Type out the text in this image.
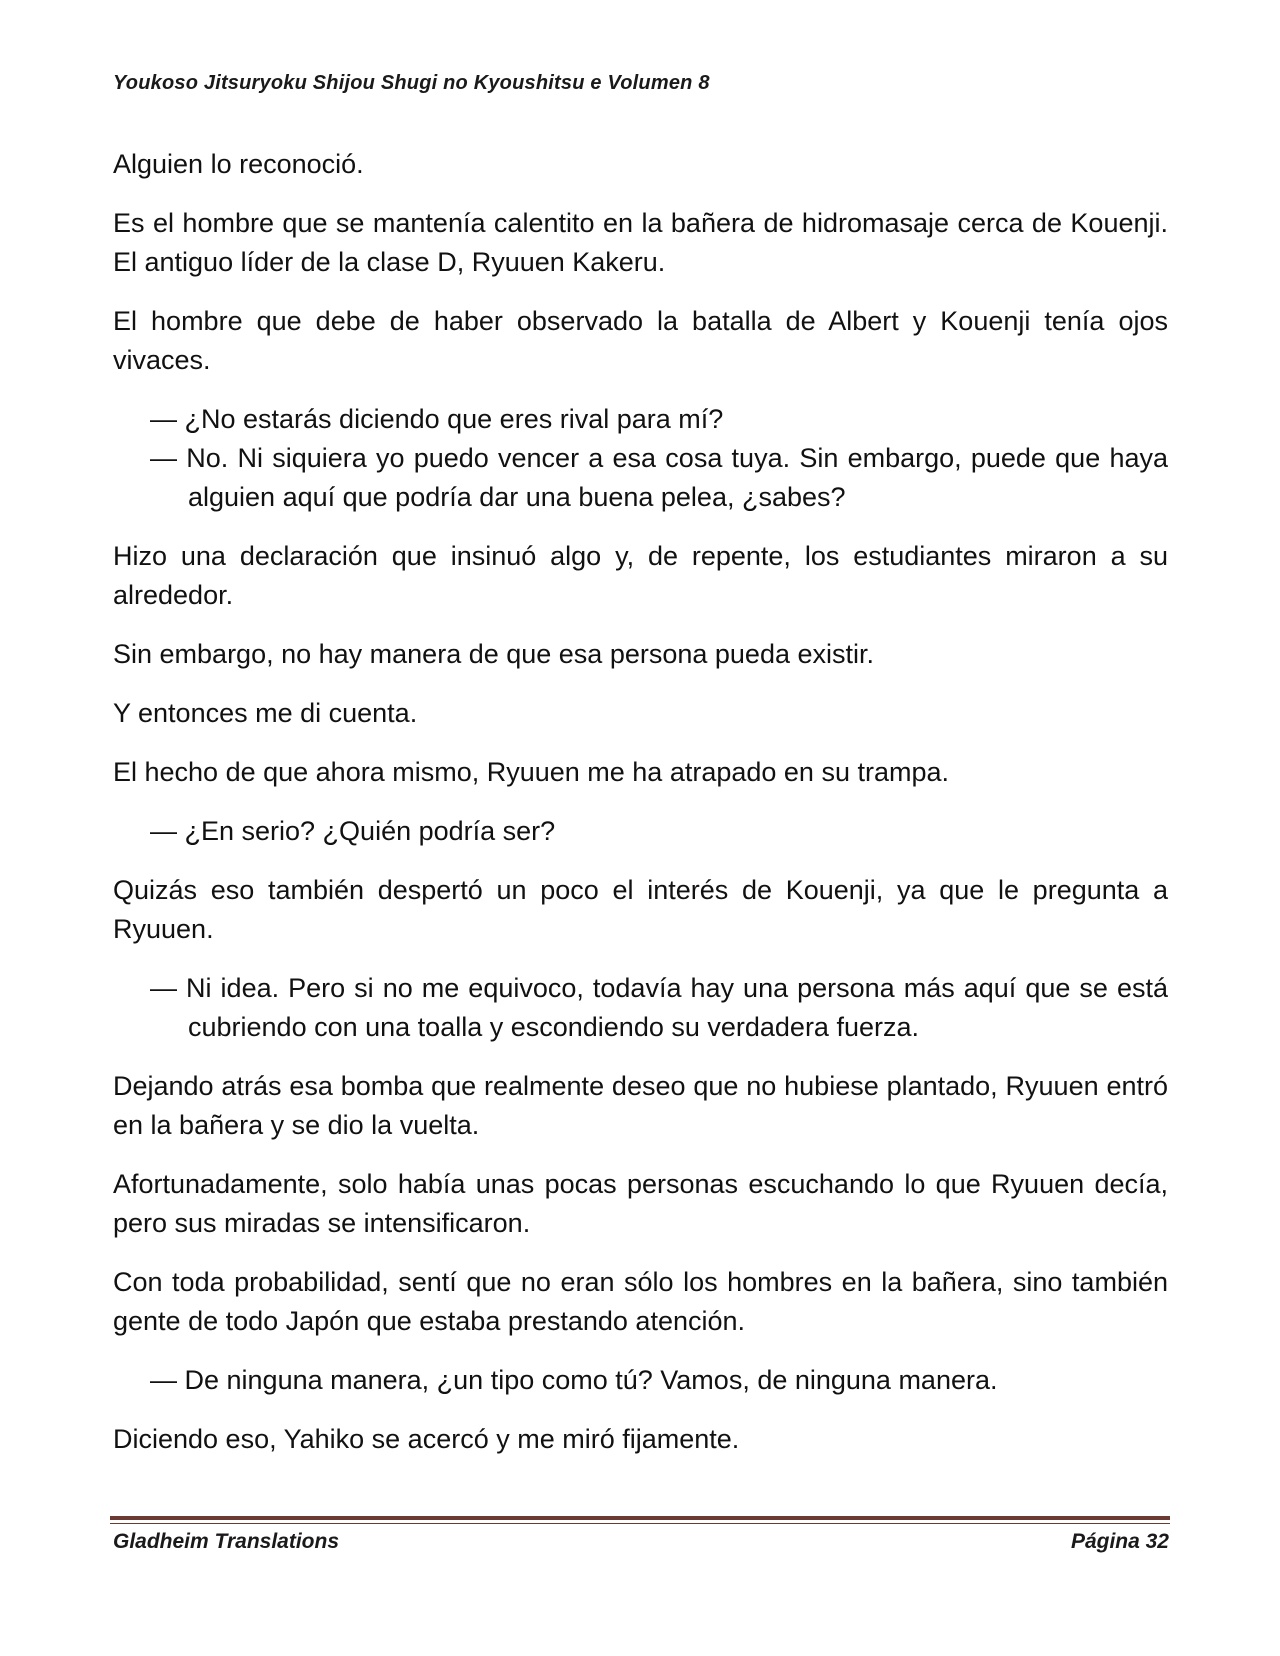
Youkoso Jitsuryoku Shijou Shugi no Kyoushitsu e Volumen 8

Alguien lo reconoció.

Es el hombre que se mantenía calentito en la bañera de hidromasaje cerca de Kouenji. El antiguo líder de la clase D, Ryuuen Kakeru.

El hombre que debe de haber observado la batalla de Albert y Kouenji tenía ojos vivaces.

— ¿No estarás diciendo que eres rival para mí?

— No. Ni siquiera yo puedo vencer a esa cosa tuya. Sin embargo, puede que haya alguien aquí que podría dar una buena pelea, ¿sabes?

Hizo una declaración que insinuó algo y, de repente, los estudiantes miraron a su alrededor.

Sin embargo, no hay manera de que esa persona pueda existir.

Y entonces me di cuenta.

El hecho de que ahora mismo, Ryuuen me ha atrapado en su trampa.

— ¿En serio? ¿Quién podría ser?

Quizás eso también despertó un poco el interés de Kouenji, ya que le pregunta a Ryuuen.

— Ni idea. Pero si no me equivoco, todavía hay una persona más aquí que se está cubriendo con una toalla y escondiendo su verdadera fuerza.

Dejando atrás esa bomba que realmente deseo que no hubiese plantado, Ryuuen entró en la bañera y se dio la vuelta.

Afortunadamente, solo había unas pocas personas escuchando lo que Ryuuen decía, pero sus miradas se intensificaron.

Con toda probabilidad, sentí que no eran sólo los hombres en la bañera, sino también gente de todo Japón que estaba prestando atención.

— De ninguna manera, ¿un tipo como tú? Vamos, de ninguna manera.

Diciendo eso, Yahiko se acercó y me miró fijamente.

Gladheim Translations	Página 32
